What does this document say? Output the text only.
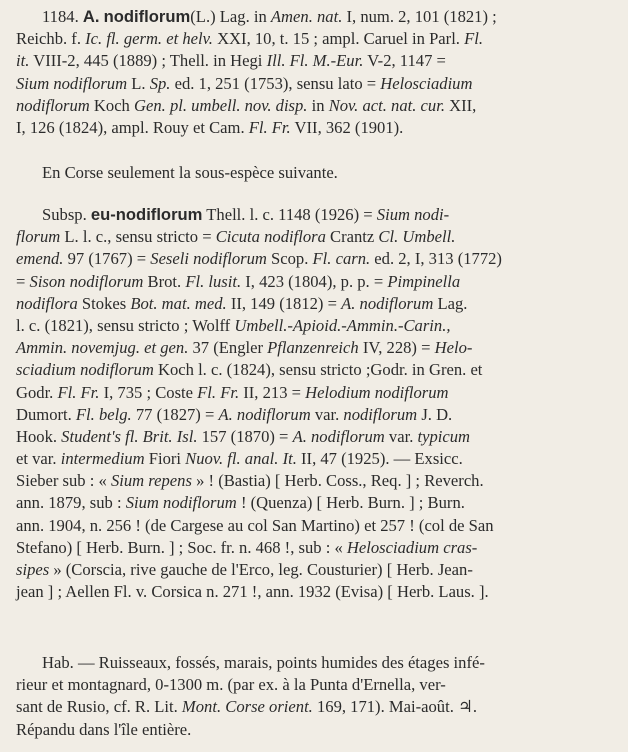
1184. A. nodiflorum(L.) Lag. in Amen. nat. I, num. 2, 101 (1821) ;
Reichb. f. Ic. fl. germ. et helv. XXI, 10, t. 15 ; ampl. Caruel in Parl. Fl.
it. VIII-2, 445 (1889) ; Thell. in Hegi Ill. Fl. M.-Eur. V-2, 1147 =
Sium nodiflorum L. Sp. ed. 1, 251 (1753), sensu lato = Helosciadium
nodiflorum Koch Gen. pl. umbell. nov. disp. in Nov. act. nat. cur. XII,
I, 126 (1824), ampl. Rouy et Cam. Fl. Fr. VII, 362 (1901).
En Corse seulement la sous-espèce suivante.
Subsp. eu-nodiflorum Thell. l. c. 1148 (1926) = Sium nodi-
florum L. l. c., sensu stricto = Cicuta nodiflora Crantz Cl. Umbell.
emend. 97 (1767) = Seseli nodiflorum Scop. Fl. carn. ed. 2, I, 313 (1772)
= Sison nodiflorum Brot. Fl. lusit. I, 423 (1804), p. p. = Pimpinella
nodiflora Stokes Bot. mat. med. II, 149 (1812) = A. nodiflorum Lag.
l. c. (1821), sensu stricto ; Wolff Umbell.-Apioid.-Ammin.-Carin.,
Ammin. novemjug. et gen. 37 (Engler Pflanzenreich IV, 228) = Helo-
sciadium nodiflorum Koch l. c. (1824), sensu stricto ;Godr. in Gren. et
Godr. Fl. Fr. I, 735 ; Coste Fl. Fr. II, 213 = Helodium nodiflorum
Dumort. Fl. belg. 77 (1827) = A. nodiflorum var. nodiflorum J. D.
Hook. Student's fl. Brit. Isl. 157 (1870) = A. nodiflorum var. typicum
et var. intermedium Fiori Nuov. fl. anal. It. II, 47 (1925). — Exsicc.
Sieber sub : « Sium repens » ! (Bastia) [ Herb. Coss., Req. ] ; Reverch.
ann. 1879, sub : Sium nodiflorum ! (Quenza) [ Herb. Burn. ] ; Burn.
ann. 1904, n. 256 ! (de Cargese au col San Martino) et 257 ! (col de San
Stefano) [ Herb. Burn. ] ; Soc. fr. n. 468 !, sub : « Helosciadium cras-
sipes » (Corscia, rive gauche de l'Erco, leg. Cousturier) [ Herb. Jean-
jean ] ; Aellen Fl. v. Corsica n. 271 !, ann. 1932 (Evisa) [ Herb. Laus. ].
Hab. — Ruisseaux, fossés, marais, points humides des étages infé-
rieur et montagnard, 0-1300 m. (par ex. à la Punta d'Ernella, ver-
sant de Rusio, cf. R. Lit. Mont. Corse orient. 169, 171). Mai-août. ♃.
Répandu dans l'île entière.
